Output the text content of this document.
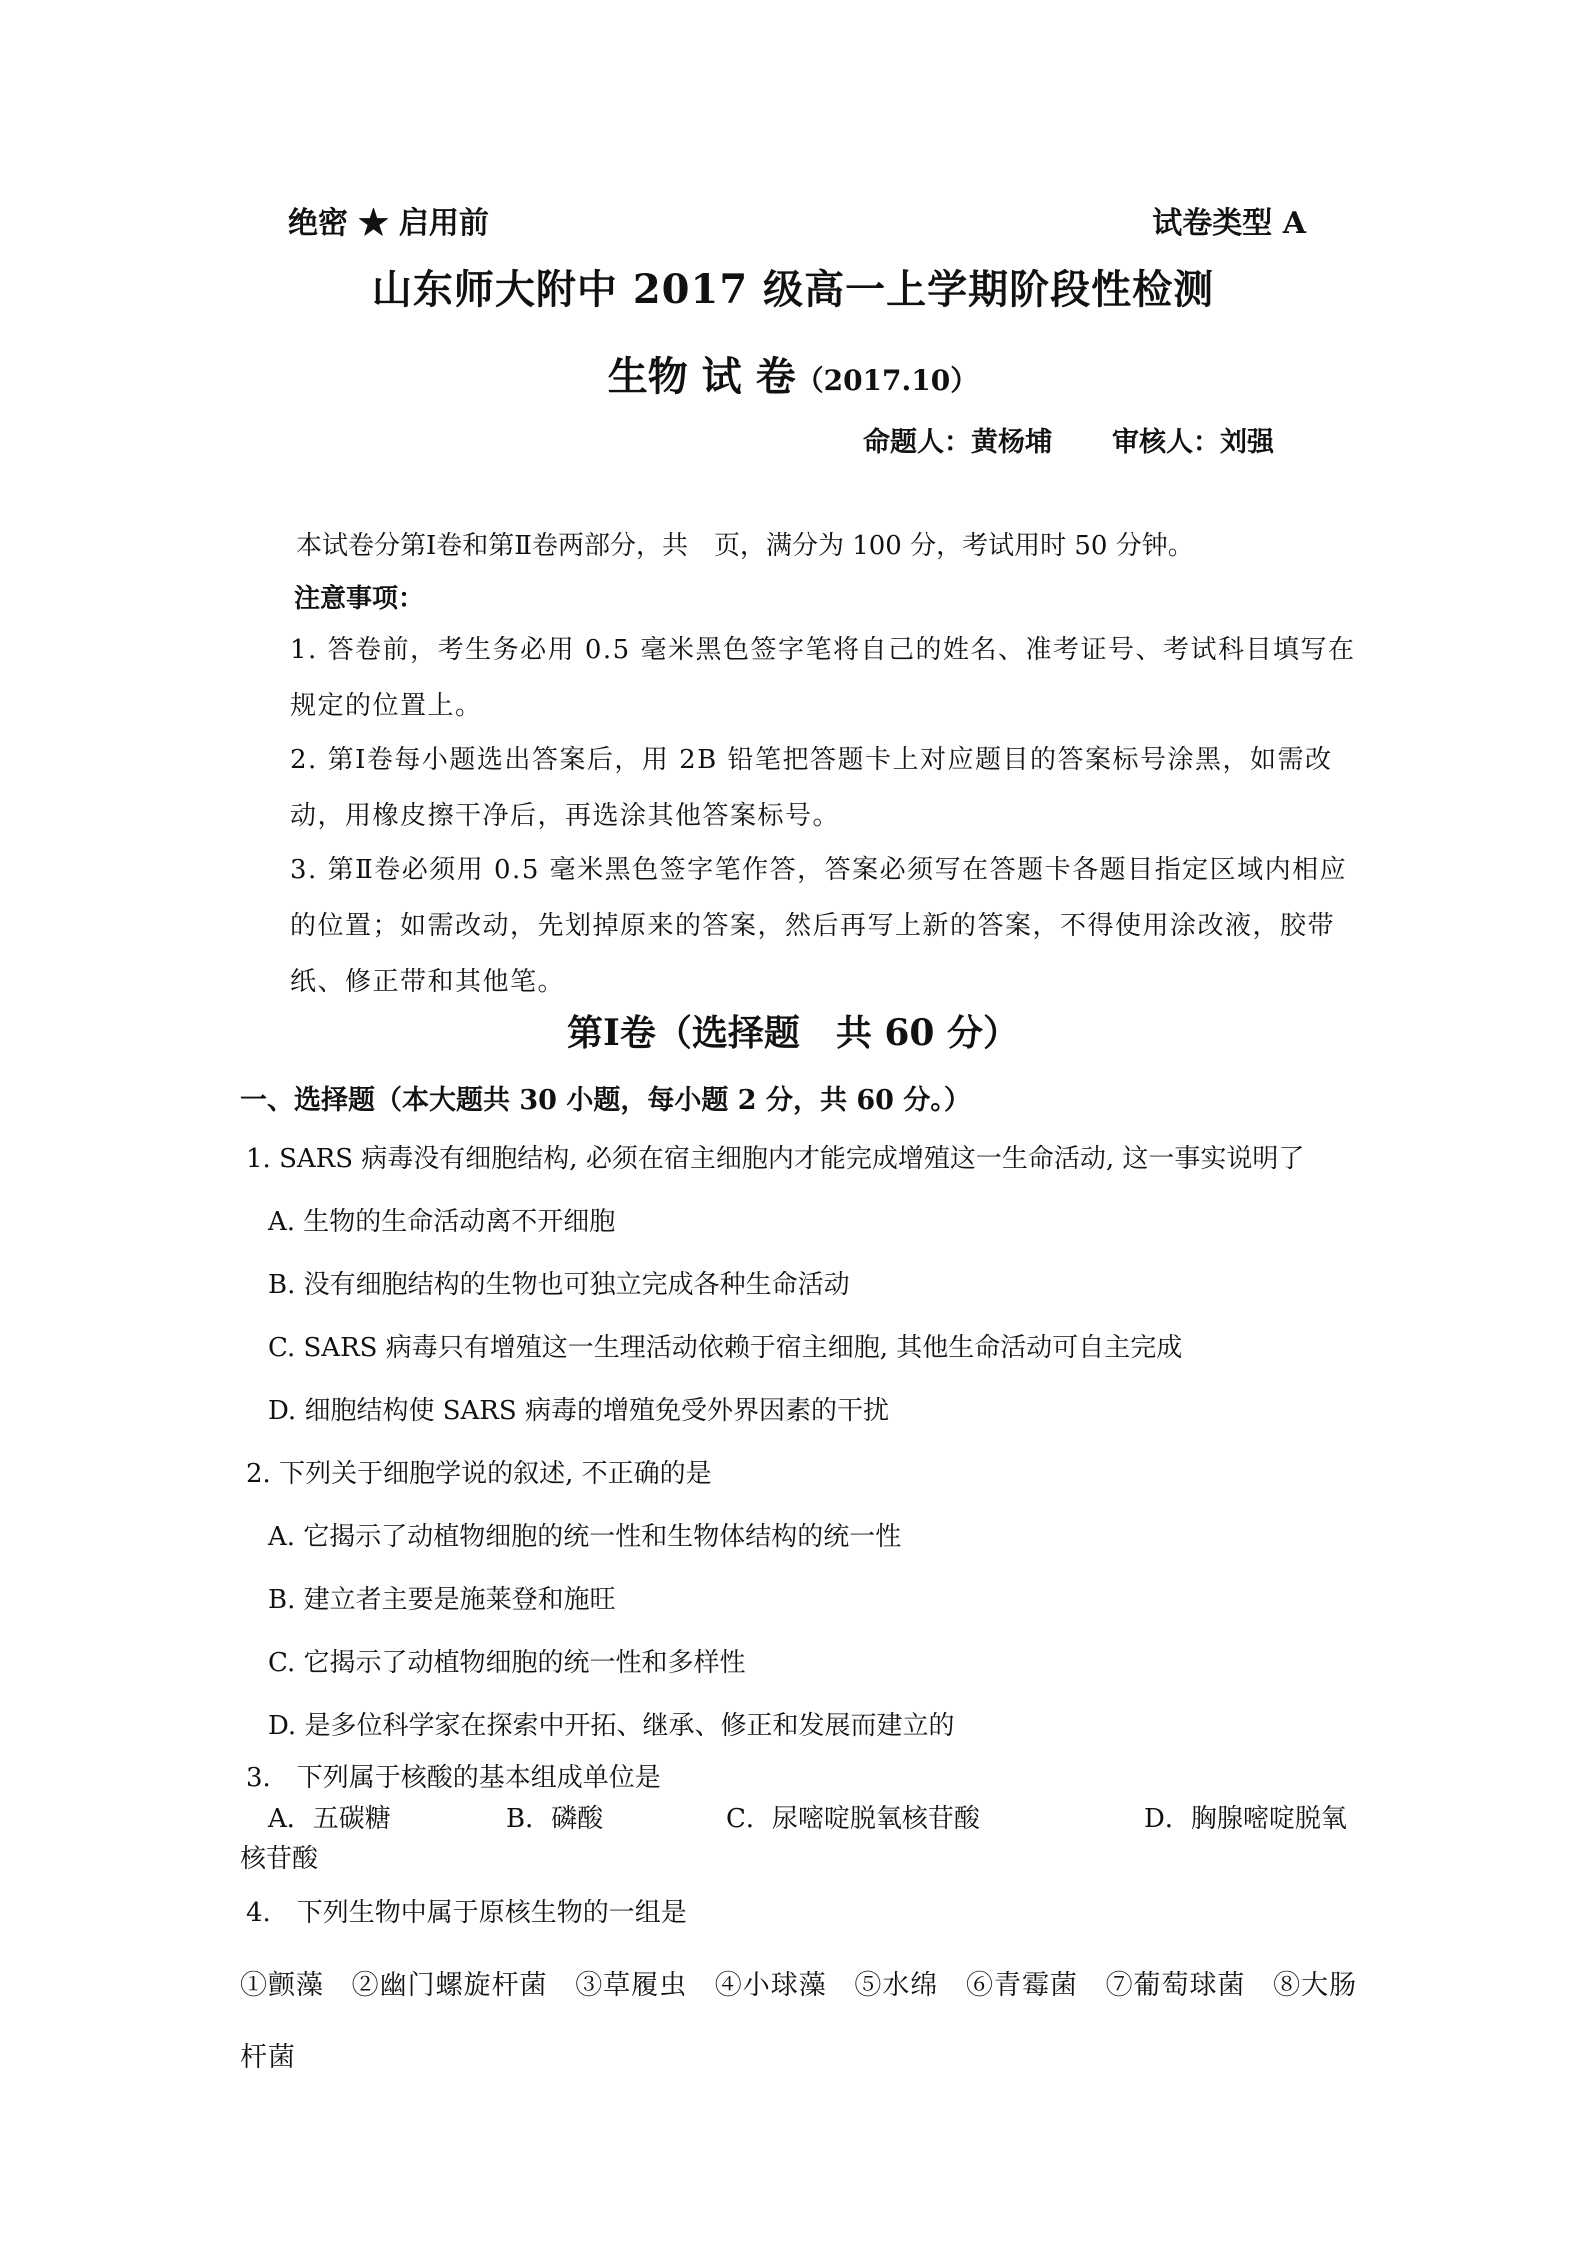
绝密 ★ 启用前	试卷类型 A
山东师大附中 2017 级高一上学期阶段性检测
生物 试 卷（2017.10）
命题人：黄杨埔 审核人：刘强
本试卷分第Ⅰ卷和第Ⅱ卷两部分，共　页，满分为 100 分，考试用时 50 分钟。
注意事项：
1. 答卷前，考生务必用 0.5 毫米黑色签字笔将自己的姓名、准考证号、考试科目填写在规定的位置上。
2. 第Ⅰ卷每小题选出答案后，用 2B 铅笔把答题卡上对应题目的答案标号涂黑，如需改动，用橡皮擦干净后，再选涂其他答案标号。
3. 第Ⅱ卷必须用 0.5 毫米黑色签字笔作答，答案必须写在答题卡各题目指定区域内相应的位置；如需改动，先划掉原来的答案，然后再写上新的答案，不得使用涂改液，胶带纸、修正带和其他笔。
第Ⅰ卷（选择题 共 60 分）
一、选择题（本大题共 30 小题，每小题 2 分，共 60 分。）
1. SARS 病毒没有细胞结构, 必须在宿主细胞内才能完成增殖这一生命活动, 这一事实说明了
A. 生物的生命活动离不开细胞
B. 没有细胞结构的生物也可独立完成各种生命活动
C. SARS 病毒只有增殖这一生理活动依赖于宿主细胞, 其他生命活动可自主完成
D. 细胞结构使 SARS 病毒的增殖免受外界因素的干扰
2. 下列关于细胞学说的叙述, 不正确的是
A. 它揭示了动植物细胞的统一性和生物体结构的统一性
B. 建立者主要是施莱登和施旺
C. 它揭示了动植物细胞的统一性和多样性
D. 是多位科学家在探索中开拓、继承、修正和发展而建立的
3.　下列属于核酸的基本组成单位是
A．五碳糖	B．磷酸	C．尿嘧啶脱氧核苷酸	D．胸腺嘧啶脱氧
核苷酸
4.　下列生物中属于原核生物的一组是
①颤藻 ②幽门螺旋杆菌 ③草履虫 ④小球藻 ⑤水绵 ⑥青霉菌 ⑦葡萄球菌 ⑧大肠杆菌
